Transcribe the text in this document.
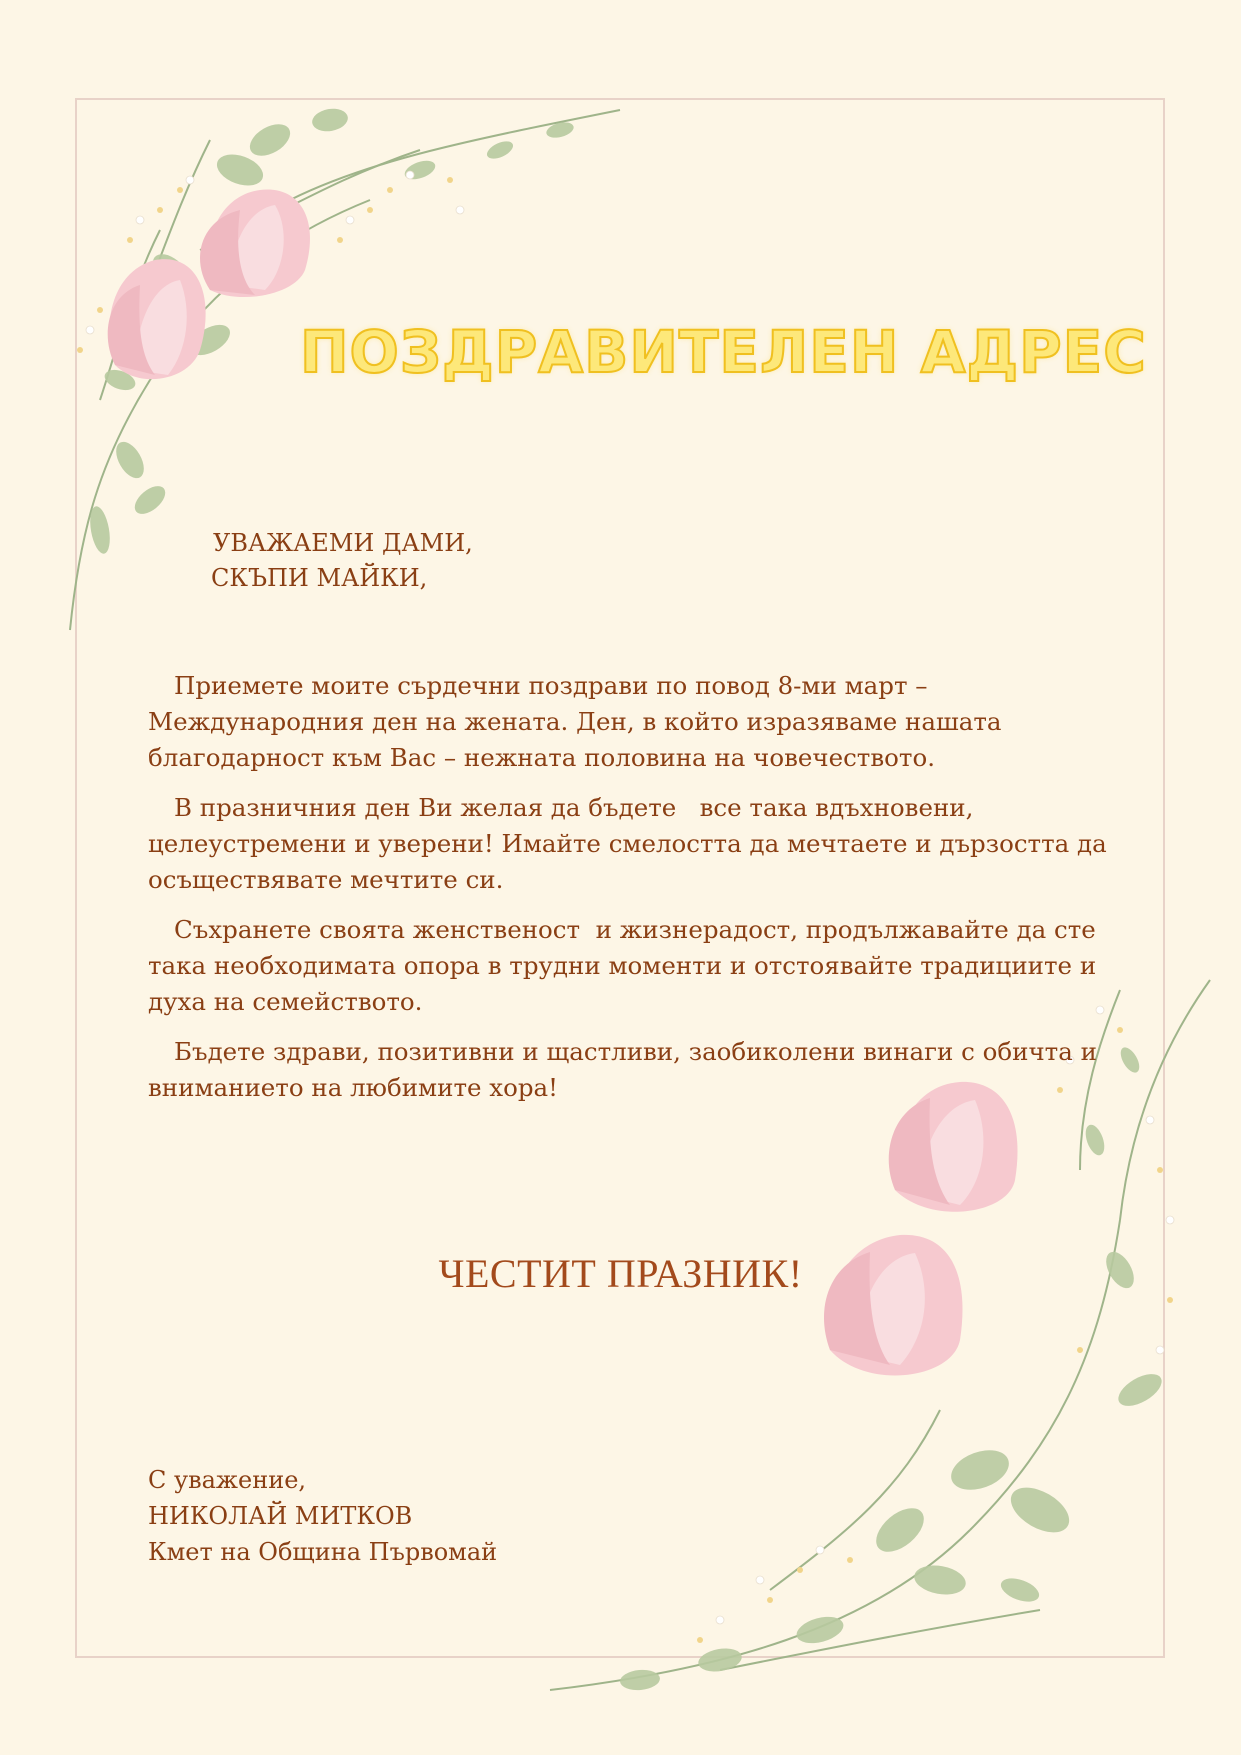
ПОЗДРАВИТЕЛЕН АДРЕС
УВАЖАЕМИ ДАМИ,
СКЪПИ МАЙКИ,

Приемете моите сърдечни поздрави по повод 8-ми март – Международния ден на жената. Ден, в който изразяваме нашата благодарност към Вас – нежната половина на човечеството.

В празничния ден Ви желая да бъдете   все така вдъхновени, целеустремени и уверени! Имайте смелостта да мечтаете и дързостта да осъществявате мечтите си.

Съхранете своята женственост  и жизнерадост, продължавайте да сте така необходимата опора в трудни моменти и отстоявайте традициите и духа на семейството.

Бъдете здрави, позитивни и щастливи, заобиколени винаги с обичта и вниманието на любимите хора!

ЧЕСТИТ ПРАЗНИК!
С уважение,
НИКОЛАЙ МИТКОВ
Кмет на Община Първомай
